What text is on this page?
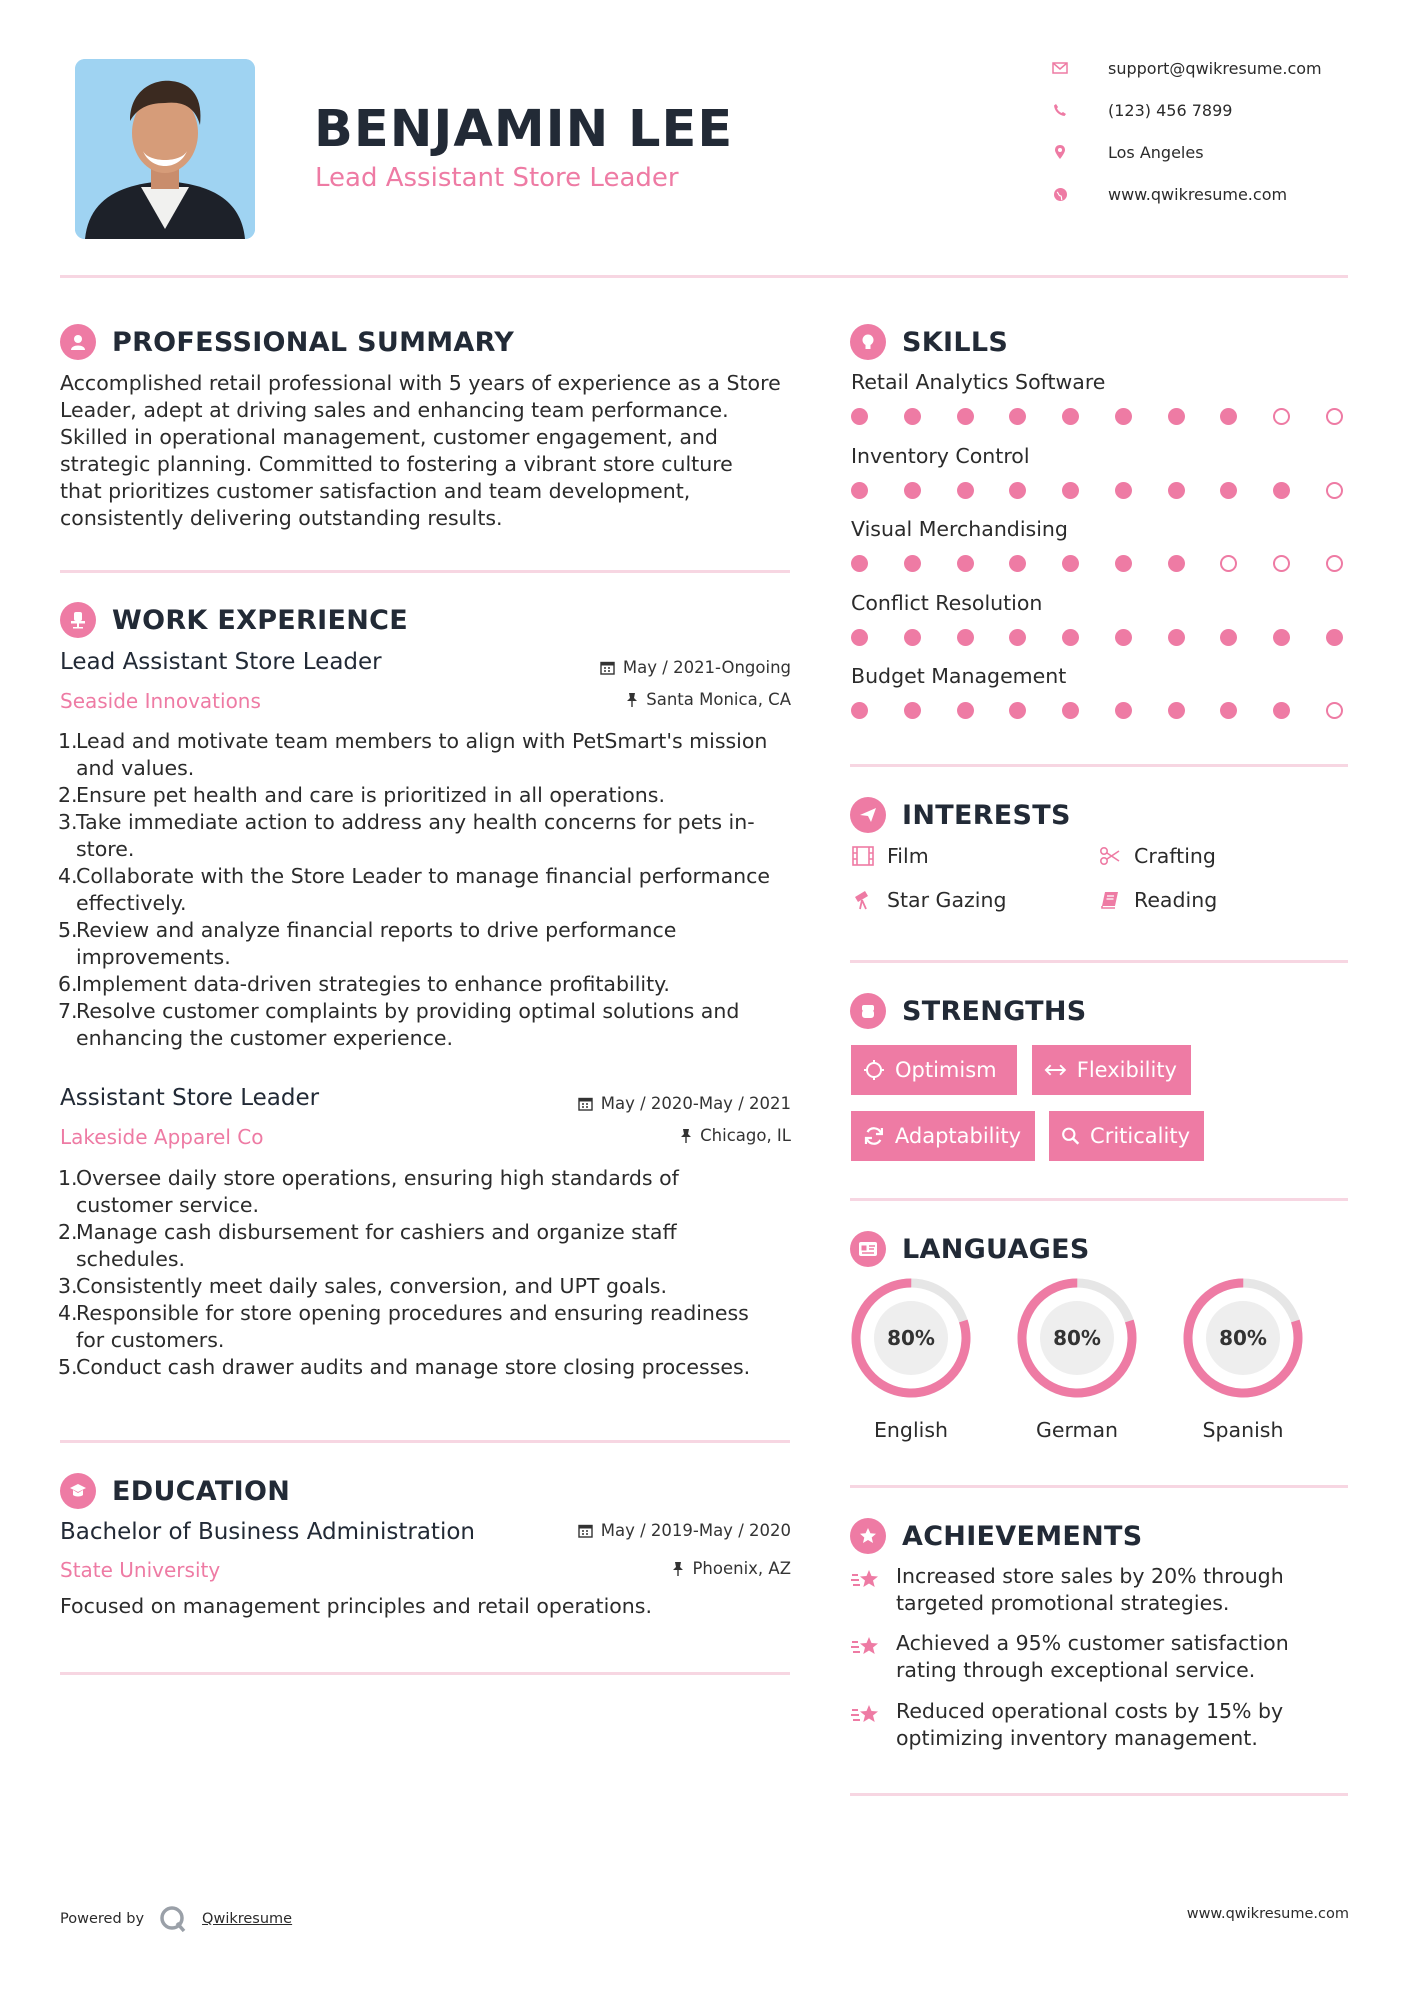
BENJAMIN LEE
Lead Assistant Store Leader
support@qwikresume.com
(123) 456 7899
Los Angeles
www.qwikresume.com
PROFESSIONAL SUMMARY
Accomplished retail professional with 5 years of experience as a Store
Leader, adept at driving sales and enhancing team performance.
Skilled in operational management, customer engagement, and
strategic planning. Committed to fostering a vibrant store culture
that prioritizes customer satisfaction and team development,
consistently delivering outstanding results.
WORK EXPERIENCE
Lead Assistant Store Leader
Seaside Innovations
May / 2021-Ongoing
Santa Monica, CA
1.
Lead and motivate team members to align with PetSmart's mission
and values.
2.
Ensure pet health and care is prioritized in all operations.
3.
Take immediate action to address any health concerns for pets in-
store.
4.
Collaborate with the Store Leader to manage financial performance
effectively.
5.
Review and analyze financial reports to drive performance
improvements.
6.
Implement data-driven strategies to enhance profitability.
7.
Resolve customer complaints by providing optimal solutions and
enhancing the customer experience.
Assistant Store Leader
Lakeside Apparel Co
May / 2020-May / 2021
Chicago, IL
1.
Oversee daily store operations, ensuring high standards of
customer service.
2.
Manage cash disbursement for cashiers and organize staff
schedules.
3.
Consistently meet daily sales, conversion, and UPT goals.
4.
Responsible for store opening procedures and ensuring readiness
for customers.
5.
Conduct cash drawer audits and manage store closing processes.
EDUCATION
Bachelor of Business Administration
State University
May / 2019-May / 2020
Phoenix, AZ
Focused on management principles and retail operations.
SKILLS
Retail Analytics Software
Inventory Control
Visual Merchandising
Conflict Resolution
Budget Management
INTERESTS
Film	Crafting
Star Gazing	Reading
STRENGTHS
Optimism	Flexibility
Adaptability	Criticality
LANGUAGES
80%
English
80%
German
80%
Spanish
ACHIEVEMENTS
Increased store sales by 20% through
targeted promotional strategies.
Achieved a 95% customer satisfaction
rating through exceptional service.
Reduced operational costs by 15% by
optimizing inventory management.
Powered by	Qwikresume	www.qwikresume.com
